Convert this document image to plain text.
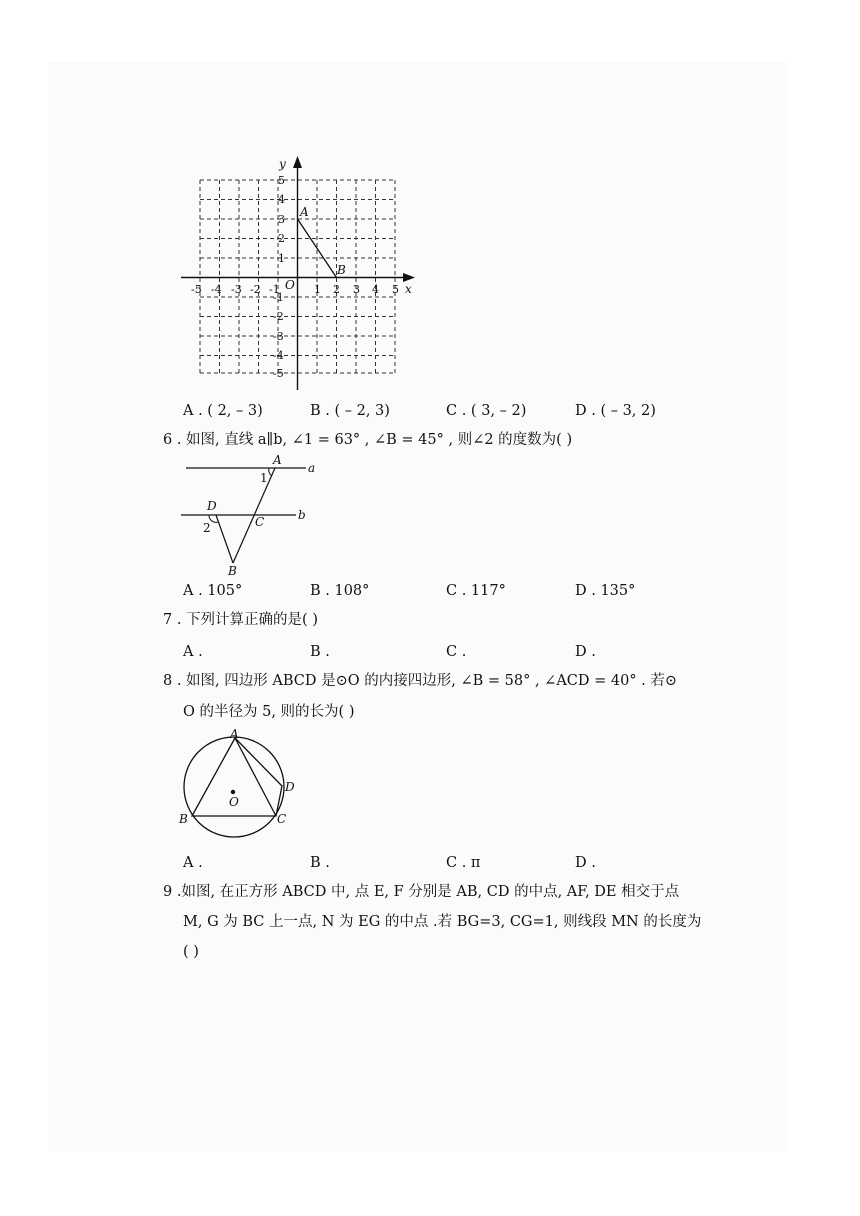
y
x
O
A
B
-5 -4 -3 -2 -1	1 2 3 4 5
5
4
3
2
1
-1
-2
-3
-4
-5
A . ( 2, – 3)	B . ( – 2, 3)	C . ( 3, – 2)	D . ( – 3, 2)
6 . 如图, 直线 a∥b, ∠1 = 63° , ∠B = 45° , 则∠2 的度数为( )
A
a
1
D
b
C
2
B
A . 105°	B . 108°	C . 117°	D . 135°
7 . 下列计算正确的是( )
A .	B .	C .	D .
8 . 如图, 四边形 ABCD 是⊙O 的内接四边形, ∠B = 58° , ∠ACD = 40° . 若⊙
O 的半径为 5, 则的长为( )
A
O
D
B	C
A .	B .	C . π	D .
9 .如图, 在正方形 ABCD 中, 点 E, F 分别是 AB, CD 的中点, AF, DE 相交于点
M, G 为 BC 上一点, N 为 EG 的中点 .若 BG=3, CG=1, 则线段 MN 的长度为
( )
